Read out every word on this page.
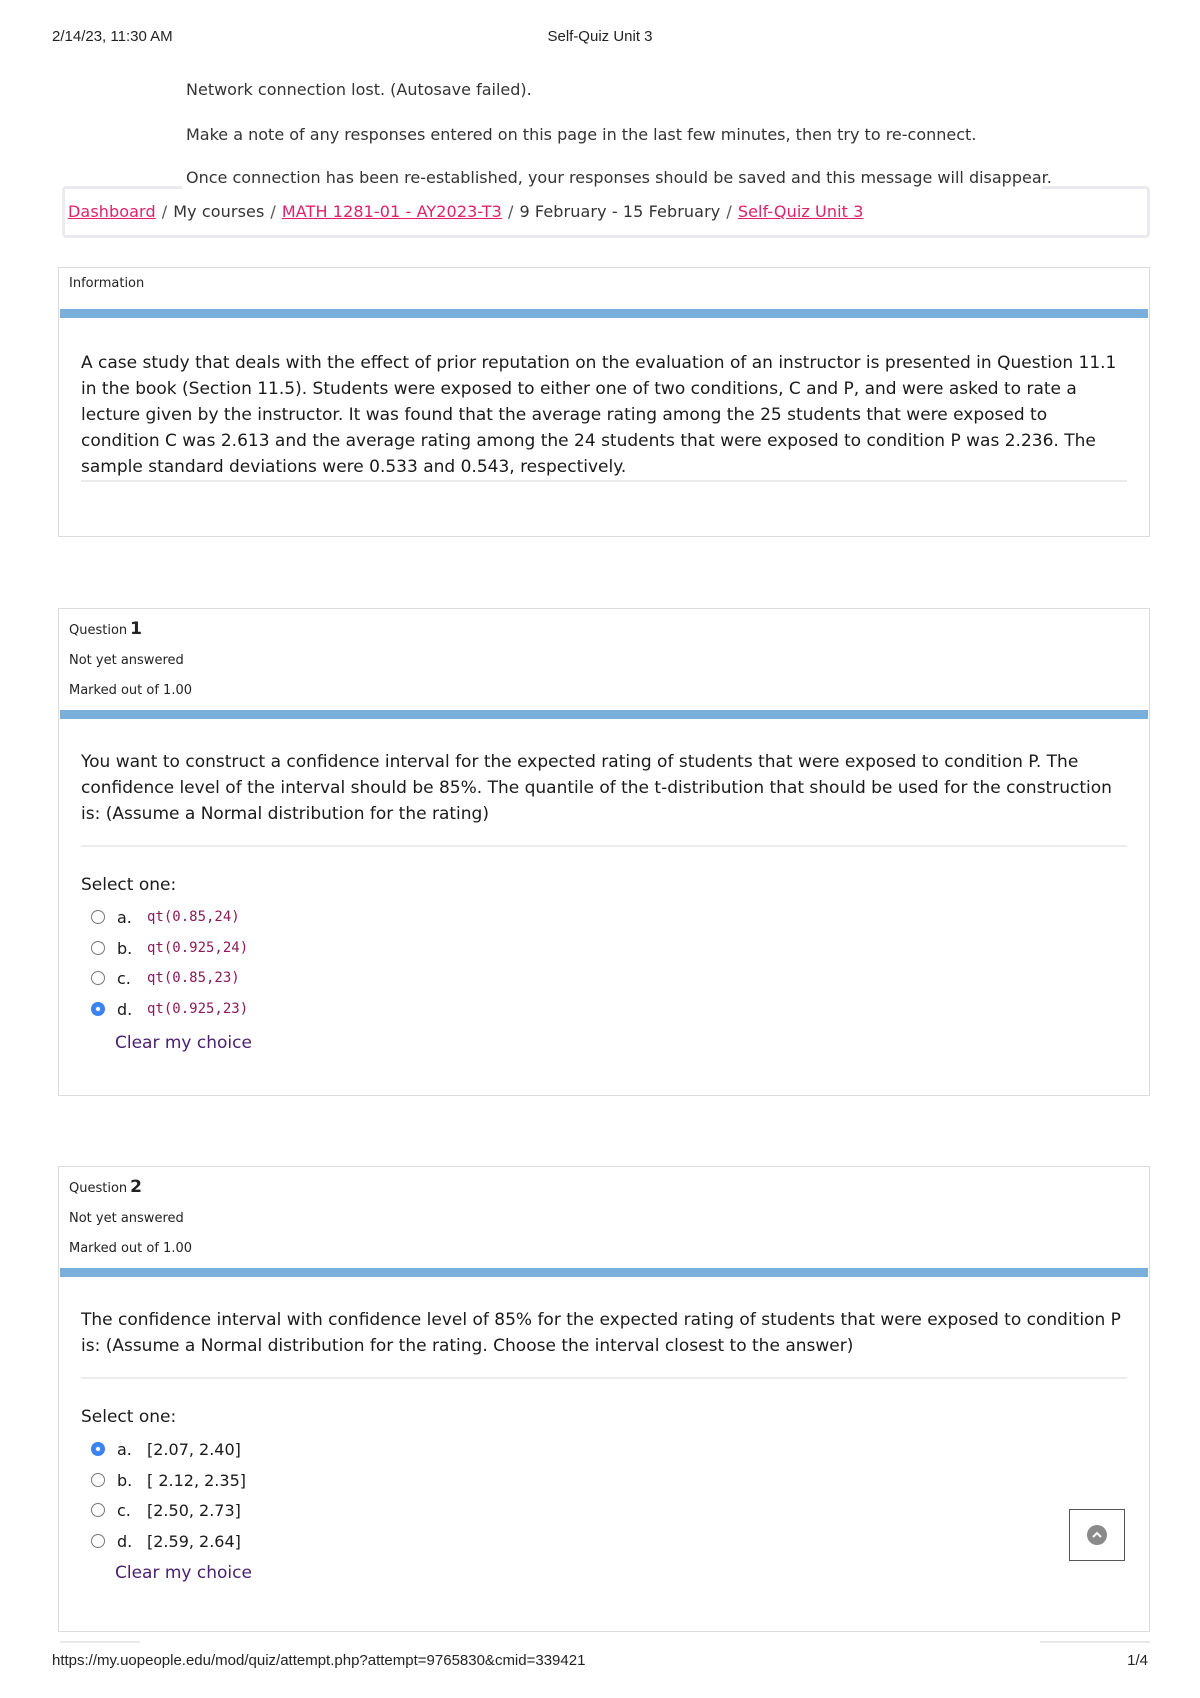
2/14/23, 11:30 AM	Self-Quiz Unit 3
Dashboard / My courses / MATH 1281-01 - AY2023-T3 / 9 February - 15 February / Self-Quiz Unit 3

Network connection lost. (Autosave failed).

Make a note of any responses entered on this page in the last few minutes, then try to re-connect.

Once connection has been re-established, your responses should be saved and this message will disappear.

Information
A case study that deals with the effect of prior reputation on the evaluation of an instructor is presented in Question 11.1 in the book (Section 11.5). Students were exposed to either one of two conditions, C and P, and were asked to rate a lecture given by the instructor. It was found that the average rating among the 25 students that were exposed to condition C was 2.613 and the average rating among the 24 students that were exposed to condition P was 2.236. The sample standard deviations were 0.533 and 0.543, respectively.
Question 1
Not yet answered
Marked out of 1.00
You want to construct a confidence interval for the expected rating of students that were exposed to condition P. The confidence level of the interval should be 85%. The quantile of the t-distribution that should be used for the construction is: (Assume a Normal distribution for the rating)
Select one:
a.	qt(0.85,24)
b.	qt(0.925,24)
c.	qt(0.85,23)
d.	qt(0.925,23)
Clear my choice
Question 2
Not yet answered
Marked out of 1.00
The confidence interval with confidence level of 85% for the expected rating of students that were exposed to condition P is: (Assume a Normal distribution for the rating. Choose the interval closest to the answer)
Select one:
a. [2.07, 2.40]
b. [ 2.12, 2.35]
c.	[2.50, 2.73]
d. [2.59, 2.64]
Clear my choice
https://my.uopeople.edu/mod/quiz/attempt.php?attempt=9765830&cmid=339421	1/4
